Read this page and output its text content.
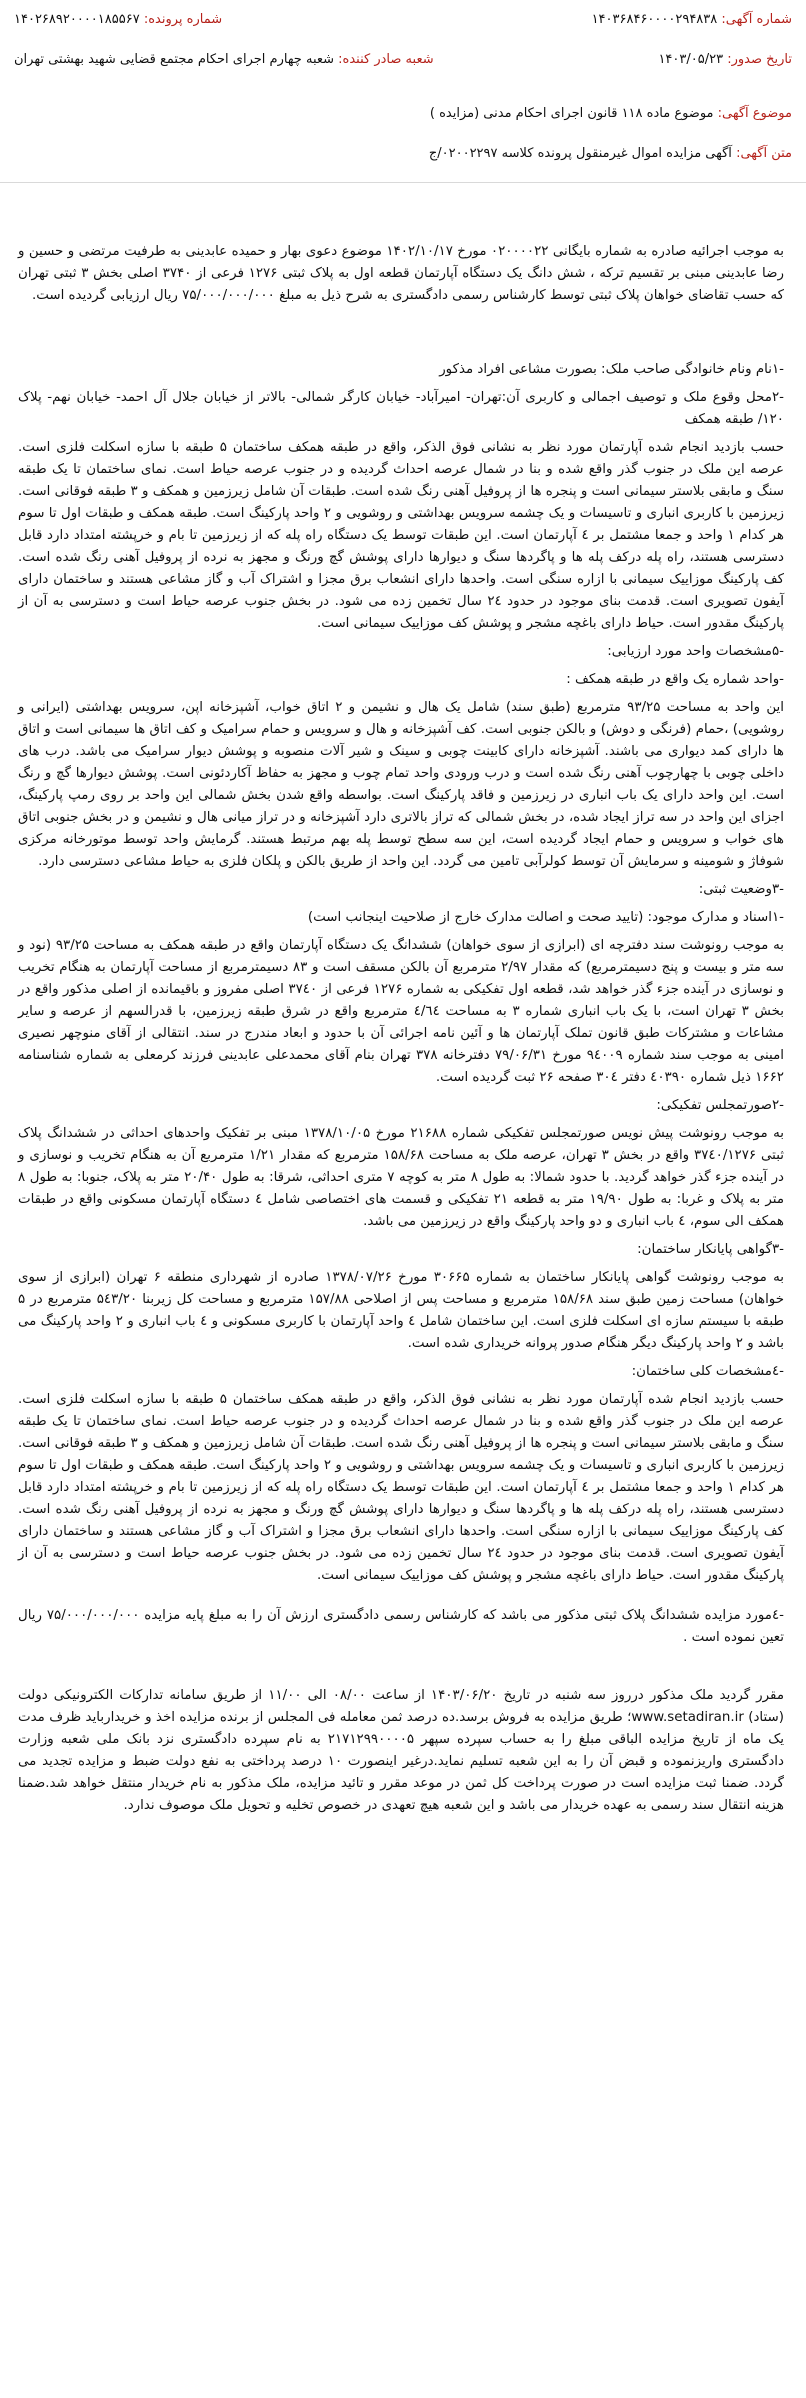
شماره آگهی: ۱۴۰۳۶۸۴۶۰۰۰۰۲۹۴۸۳۸
شماره پرونده: ۱۴۰۲۶۸۹۲۰۰۰۰۱۸۵۵۶۷
تاریخ صدور: ۱۴۰۳/۰۵/۲۳
شعبه صادر کننده: شعبه چهارم اجرای احکام مجتمع قضایی شهید بهشتی تهران
موضوع آگهی: موضوع ماده ۱۱۸ قانون اجرای احکام مدنی (مزایده )
متن آگهی: آگهی مزایده اموال غیرمنقول پرونده کلاسه ۰۲۰۰۲۲۹۷/ج

به موجب اجرائیه صادره به شماره بایگانی ۰۲۰۰۰۰۲۲ مورخ ۱۴۰۲/۱۰/۱۷ موضوع دعوی بهار و حمیده عابدینی به طرفیت مرتضی و حسین و رضا عابدینی مبنی بر تقسیم ترکه ، شش دانگ یک دستگاه آپارتمان قطعه اول به پلاک ثبتی ۱۲۷۶ فرعی از ۳۷۴۰ اصلی بخش ۳ ثبتی تهران که حسب تقاضای خواهان پلاک ثبتی توسط کارشناس رسمی دادگستری به شرح ذیل به مبلغ ۷۵/۰۰۰/۰۰۰/۰۰۰ ریال ارزیابی گردیده است.

-۱نام ونام خانوادگی صاحب ملک: بصورت مشاعی افراد مذکور

-۲محل وقوع ملک و توصیف اجمالی و کاربری آن:تهران- امیرآباد- خیابان کارگر شمالی- بالاتر از خیابان جلال آل احمد- خیابان نهم- پلاک ۱۲۰/ طبقه همکف

حسب بازدید انجام شده آپارتمان مورد نظر به نشانی فوق الذکر، واقع در طبقه همکف ساختمان ۵ طبقه با سازه اسکلت فلزی است. عرصه این ملک در جنوب گذر واقع شده و بنا در شمال عرصه احداث گردیده و در جنوب عرصه حیاط است. نمای ساختمان تا یک طبقه سنگ و مابقی بلاستر سیمانی است و پنجره ها از پروفیل آهنی رنگ شده است. طبقات آن شامل زیرزمین و همکف و ۳ طبقه فوقانی است. زیرزمین با کاربری انباری و تاسیسات و یک چشمه سرویس بهداشتی و روشویی و ۲ واحد پارکینگ است. طبقه همکف و طبقات اول تا سوم هر کدام ۱ واحد و جمعا مشتمل بر ٤ آپارتمان است. این طبقات توسط یک دستگاه راه پله که از زیرزمین تا بام و خرپشته امتداد دارد قابل دسترسی هستند، راه پله درکف پله ها و پاگردها سنگ و دیوارها دارای پوشش گچ ورنگ و مجهز به نرده از پروفیل آهنی رنگ شده است. کف پارکینگ موزاییک سیمانی با ازاره سنگی است. واحدها دارای انشعاب برق مجزا و اشتراک آب و گاز مشاعی هستند و ساختمان دارای آیفون تصویری است. قدمت بنای موجود در حدود ۲٤ سال تخمین زده می شود. در بخش جنوب عرصه حیاط است و دسترسی به آن از پارکینگ مقدور است. حیاط دارای باغچه مشجر و پوشش کف موزاییک سیمانی است.

-۵مشخصات واحد مورد ارزیابی:

-واحد شماره یک واقع در طبقه همکف :

این واحد به مساحت ۹۳/۲۵ مترمربع (طبق سند) شامل یک هال و نشیمن و ۲ اتاق خواب، آشپزخانه اپن، سرویس بهداشتی (ایرانی و روشویی) ،حمام (فرنگی و دوش) و بالکن جنوبی است. کف آشپزخانه و هال و سرویس و حمام سرامیک و کف اتاق ها سیمانی است و اتاق ها دارای کمد دیواری می باشند. آشپزخانه دارای کابینت چوبی و سینک و شیر آلات منصوبه و پوشش دیوار سرامیک می باشد. درب های داخلی چوبی با چهارچوب آهنی رنگ شده است و درب ورودی واحد تمام چوب و مجهز به حفاظ آکاردئونی است. پوشش دیوارها گچ و رنگ است. این واحد دارای یک باب انباری در زیرزمین و فاقد پارکینگ است. بواسطه واقع شدن بخش شمالی این واحد بر روی رمپ پارکینگ، اجزای این واحد در سه تراز ایجاد شده، در بخش شمالی که تراز بالاتری دارد آشپزخانه و در تراز میانی هال و نشیمن و در بخش جنوبی اتاق های خواب و سرویس و حمام ایجاد گردیده است، این سه سطح توسط پله بهم مرتبط هستند. گرمایش واحد توسط موتورخانه مرکزی شوفاژ و شومینه و سرمایش آن توسط کولرآبی تامین می گردد. این واحد از طریق بالکن و پلکان فلزی به حیاط مشاعی دسترسی دارد.

-۳وضعیت ثبتی:

-۱اسناد و مدارک موجود: (تایید صحت و اصالت مدارک خارج از صلاحیت اینجانب است)

به موجب رونوشت سند دفترچه ای (ابرازی از سوی خواهان) ششدانگ یک دستگاه آپارتمان واقع در طبقه همکف به مساحت ۹۳/۲۵ (نود و سه متر و بیست و پنج دسیمترمربع) که مقدار ۲/۹۷ مترمربع آن بالکن مسقف است و ۸۳ دسیمترمربع از مساحت آپارتمان به هنگام تخریب و نوسازی در آینده جزء گذر خواهد شد، قطعه اول تفکیکی به شماره ۱۲۷۶ فرعی از ۳۷٤۰ اصلی مفروز و باقیمانده از اصلی مذکور واقع در بخش ۳ تهران است، با یک باب انباری شماره ۳ به مساحت ٤/٦٤ مترمربع واقع در شرق طبقه زیرزمین، با قدرالسهم از عرصه و سایر مشاعات و مشترکات طبق قانون تملک آپارتمان ها و آئین نامه اجرائی آن با حدود و ابعاد مندرج در سند. انتقالی از آقای منوچهر نصیری امینی به موجب سند شماره ۹٤۰۰۹ مورخ ۷۹/۰۶/۳۱ دفترخانه ۳۷۸ تهران بنام آقای محمدعلی عابدینی فرزند کرمعلی به شماره شناسنامه ۱۶۶۲ ذیل شماره ٤۰۳۹۰ دفتر ۳۰٤ صفحه ۲۶ ثبت گردیده است.

-۲صورتمجلس تفکیکی:

به موجب رونوشت پیش نویس صورتمجلس تفکیکی شماره ۲۱۶۸۸ مورخ ۱۳۷۸/۱۰/۰۵ مبنی بر تفکیک واحدهای احداثی در ششدانگ پلاک ثبتی ۳۷٤۰/۱۲۷۶ واقع در بخش ۳ تهران، عرصه ملک به مساحت ۱۵۸/۶۸ مترمربع که مقدار ۱/۲۱ مترمربع آن به هنگام تخریب و نوسازی و در آینده جزء گذر خواهد گردید. با حدود شمالا: به طول ۸ متر به کوچه ۷ متری احداثی، شرقا: به طول ۲۰/۴۰ متر به پلاک، جنوبا: به طول ۸ متر به پلاک و غربا: به طول ۱۹/۹۰ متر به قطعه ۲۱ تفکیکی و قسمت های اختصاصی شامل ٤ دستگاه آپارتمان مسکونی واقع در طبقات همکف الی سوم، ٤ باب انباری و دو واحد پارکینگ واقع در زیرزمین می باشد.

-۳گواهی پایانکار ساختمان:

به موجب رونوشت گواهی پایانکار ساختمان به شماره ۳۰۶۶۵ مورخ ۱۳۷۸/۰۷/۲۶ صادره از شهرداری منطقه ۶ تهران (ابرازی از سوی خواهان) مساحت زمین طبق سند ۱۵۸/۶۸ مترمربع و مساحت پس از اصلاحی ۱۵۷/۸۸ مترمربع و مساحت کل زیربنا ۵٤۳/۲۰ مترمربع در ۵ طبقه با سیستم سازه ای اسکلت فلزی است. این ساختمان شامل ٤ واحد آپارتمان با کاربری مسکونی و ٤ باب انباری و ۲ واحد پارکینگ می باشد و ۲ واحد پارکینگ دیگر هنگام صدور پروانه خریداری شده است.

-٤مشخصات کلی ساختمان:

حسب بازدید انجام شده آپارتمان مورد نظر به نشانی فوق الذکر، واقع در طبقه همکف ساختمان ۵ طبقه با سازه اسکلت فلزی است. عرصه این ملک در جنوب گذر واقع شده و بنا در شمال عرصه احداث گردیده و در جنوب عرصه حیاط است. نمای ساختمان تا یک طبقه سنگ و مابقی بلاستر سیمانی است و پنجره ها از پروفیل آهنی رنگ شده است. طبقات آن شامل زیرزمین و همکف و ۳ طبقه فوقانی است. زیرزمین با کاربری انباری و تاسیسات و یک چشمه سرویس بهداشتی و روشویی و ۲ واحد پارکینگ است. طبقه همکف و طبقات اول تا سوم هر کدام ۱ واحد و جمعا مشتمل بر ٤ آپارتمان است. این طبقات توسط یک دستگاه راه پله که از زیرزمین تا بام و خرپشته امتداد دارد قابل دسترسی هستند، راه پله درکف پله ها و پاگردها سنگ و دیوارها دارای پوشش گچ ورنگ و مجهز به نرده از پروفیل آهنی رنگ شده است. کف پارکینگ موزاییک سیمانی با ازاره سنگی است. واحدها دارای انشعاب برق مجزا و اشتراک آب و گاز مشاعی هستند و ساختمان دارای آیفون تصویری است. قدمت بنای موجود در حدود ۲٤ سال تخمین زده می شود. در بخش جنوب عرصه حیاط است و دسترسی به آن از پارکینگ مقدور است. حیاط دارای باغچه مشجر و پوشش کف موزاییک سیمانی است.

-٤مورد مزایده ششدانگ پلاک ثبتی مذکور می باشد که کارشناس رسمی دادگستری ارزش آن را به مبلغ پایه مزایده ۷۵/۰۰۰/۰۰۰/۰۰۰ ریال تعین نموده است .

مقرر گردید ملک مذکور درروز سه شنبه در تاریخ ۱۴۰۳/۰۶/۲۰ از ساعت ۰۸/۰۰ الی ۱۱/۰۰ از طریق سامانه تدارکات الکترونیکی دولت (ستاد) www.setadiran.ir؛ طریق مزایده به فروش برسد.ده درصد ثمن معامله فی المجلس از برنده مزایده اخذ و خریدارباید ظرف مدت یک ماه از تاریخ مزایده الباقی مبلغ را به حساب سپرده سپهر ۲۱۷۱۲۹۹۰۰۰۰۵ به نام سپرده دادگستری نزد بانک ملی شعبه وزارت دادگستری واریزنموده و قبض آن را به این شعبه تسلیم نماید.درغیر اینصورت ۱۰ درصد پرداختی به نفع دولت ضبط و مزایده تجدید می گردد. ضمنا ثبت مزایده است در صورت پرداخت کل ثمن در موعد مقرر و تائید مزایده، ملک مذکور به نام خریدار منتقل خواهد شد.ضمنا هزینه انتقال سند رسمی به عهده خریدار می باشد و این شعبه هیچ تعهدی در خصوص تخلیه و تحویل ملک موصوف ندارد.
